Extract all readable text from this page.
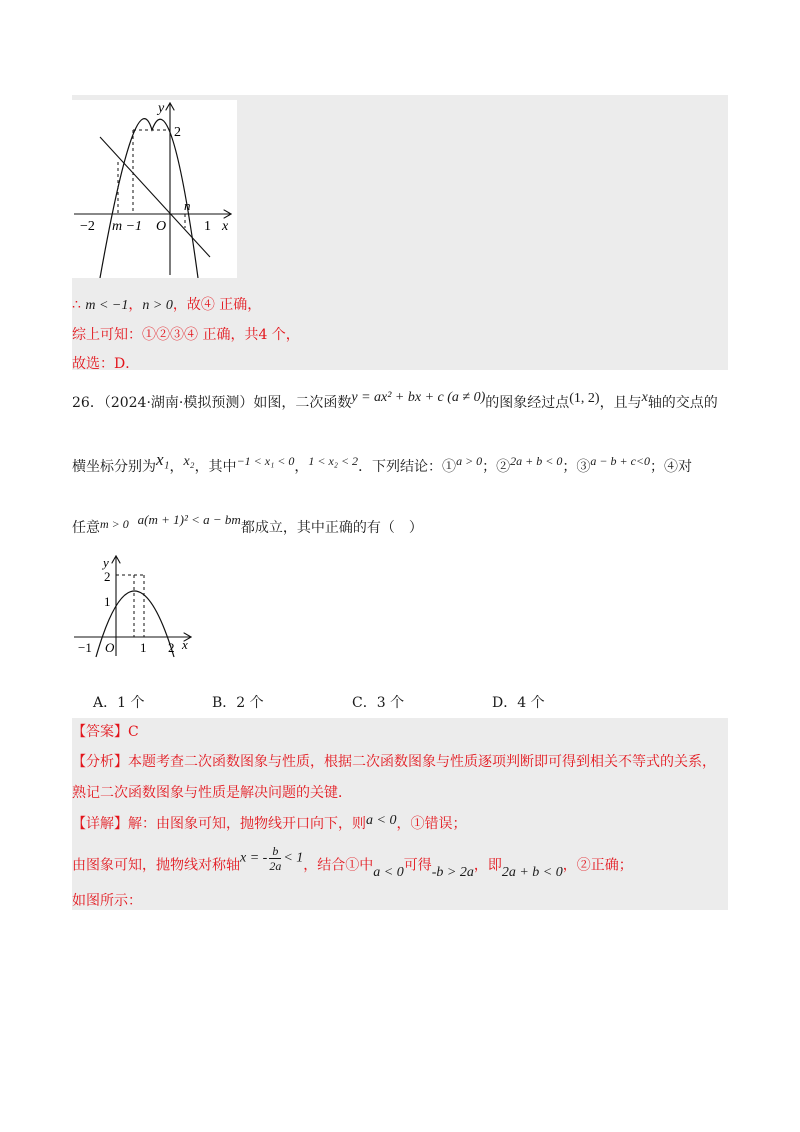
y
2
n
−2 m −1 O	1 x
∴ m < −1，n > 0，故④ 正确，
综上可知：①②③④ 正确，共4 个，
故选：D．
26．（2024·湖南·模拟预测）如图，二次函数y = ax² + bx + c (a ≠ 0)的图象经过点(1, 2)，且与x轴的交点的
横坐标分别为x₁，x₂，其中−1 < x₁ < 0，1 < x₂ < 2．下列结论：①a > 0；②2a + b < 0；③a − b + c<0；④对
任意m > 0 a(m + 1)² < a − bm都成立，其中正确的有（　）
y
2
1
−1 O 1 2 x
A．1 个	B．2 个	C．3 个	D．4 个
【答案】C
【分析】本题考查二次函数图象与性质，根据二次函数图象与性质逐项判断即可得到相关不等式的关系，
熟记二次函数图象与性质是解决问题的关键．
【详解】解：由图象可知，抛物线开口向下，则a < 0，①错误；
由图象可知，抛物线对称轴x = - $\frac{b}{2a} < 1$，结合①中a < 0可得-b > 2a，即2a + b < 0，②正确；
如图所示：
